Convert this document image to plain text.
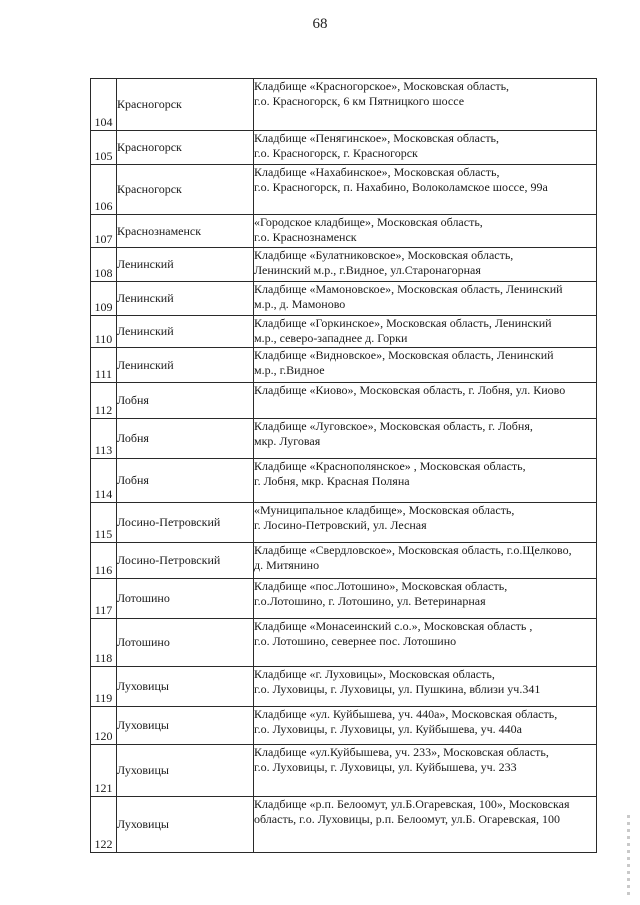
68
104	Красногорск	Кладбище «Красногорское», Московская область,
г.о. Красногорск, 6 км Пятницкого шоссе

105	Красногорск	Кладбище «Пенягинское», Московская область,
г.о. Красногорск, г. Красногорск

106	Красногорск	Кладбище «Нахабинское», Московская область,
г.о. Красногорск, п. Нахабино, Волоколамское шоссе, 99а

107	Краснознаменск	«Городское кладбище», Московская область,
г.о. Краснознаменск

108	Ленинский	Кладбище «Булатниковское», Московская область,
Ленинский м.р., г.Видное, ул.Старонагорная

109	Ленинский	Кладбище «Мамоновское», Московская область, Ленинский
м.р., д. Мамоново

110	Ленинский	Кладбище «Горкинское», Московская область, Ленинский
м.р., северо-западнее д. Горки

111	Ленинский	Кладбище «Видновское», Московская область, Ленинский
м.р., г.Видное

112	Лобня	Кладбище «Киово», Московская область, г. Лобня, ул. Киово

113	Лобня	Кладбище «Луговское», Московская область, г. Лобня,
мкр. Луговая

114	Лобня	Кладбище «Краснополянское» , Московская область,
г. Лобня, мкр. Красная Поляна

115	Лосино-Петровский	«Муниципальное кладбище», Московская область,
г. Лосино-Петровский, ул. Лесная

116	Лосино-Петровский	Кладбище «Свердловское», Московская область, г.о.Щелково,
д. Митянино

117	Лотошино	Кладбище «пос.Лотошино», Московская область,
г.о.Лотошино, г. Лотошино, ул. Ветеринарная

118	Лотошино	Кладбище «Монасеинский с.о.», Московская область ,
г.о. Лотошино, севернее пос. Лотошино

119	Луховицы	Кладбище «г. Луховицы», Московская область,
г.о. Луховицы, г. Луховицы, ул. Пушкина, вблизи уч.341

120	Луховицы	Кладбище «ул. Куйбышева, уч. 440а», Московская область,
г.о. Луховицы, г. Луховицы, ул. Куйбышева, уч. 440а

121	Луховицы	Кладбище «ул.Куйбышева, уч. 233», Московская область,
г.о. Луховицы, г. Луховицы, ул. Куйбышева, уч. 233

122	Луховицы	Кладбище «р.п. Белоомут, ул.Б.Огаревская, 100», Московская
область, г.о. Луховицы, р.п. Белоомут, ул.Б. Огаревская, 100
